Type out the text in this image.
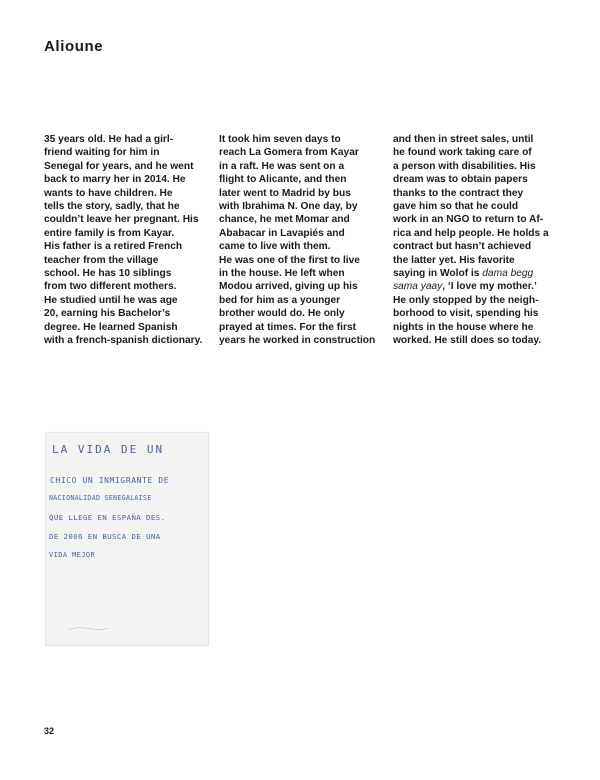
Alioune
35 years old. He had a girl-
friend waiting for him in
Senegal for years, and he went
back to marry her in 2014. He
wants to have children. He
tells the story, sadly, that he
couldn’t leave her pregnant. His
entire family is from Kayar.
His father is a retired French
teacher from the village
school. He has 10 siblings
from two different mothers.
He studied until he was age
20, earning his Bachelor’s
degree. He learned Spanish
with a french-spanish dictionary.
It took him seven days to
reach La Gomera from Kayar
in a raft. He was sent on a
flight to Alicante, and then
later went to Madrid by bus
with Ibrahima N. One day, by
chance, he met Momar and
Ababacar in Lavapiés and
came to live with them.
He was one of the first to live
in the house. He left when
Modou arrived, giving up his
bed for him as a younger
brother would do. He only
prayed at times. For the first
years he worked in construction
and then in street sales, until
he found work taking care of
a person with disabilities. His
dream was to obtain papers
thanks to the contract they
gave him so that he could
work in an NGO to return to Af-
rica and help people. He holds a
contract but hasn’t achieved
the latter yet. His favorite
saying in Wolof is dama begg
sama yaay, ‘I love my mother.’
He only stopped by the neigh-
borhood to visit, spending his
nights in the house where he
worked. He still does so today.
LA VIDA DE UN
CHICO UN INMIGRANTE DE
NACIONALIDAD SENEGALAISE
QUE LLEGE EN ESPAÑA DES.
DE 2006 EN BUSCA DE UNA
VIDA MEJOR
32
